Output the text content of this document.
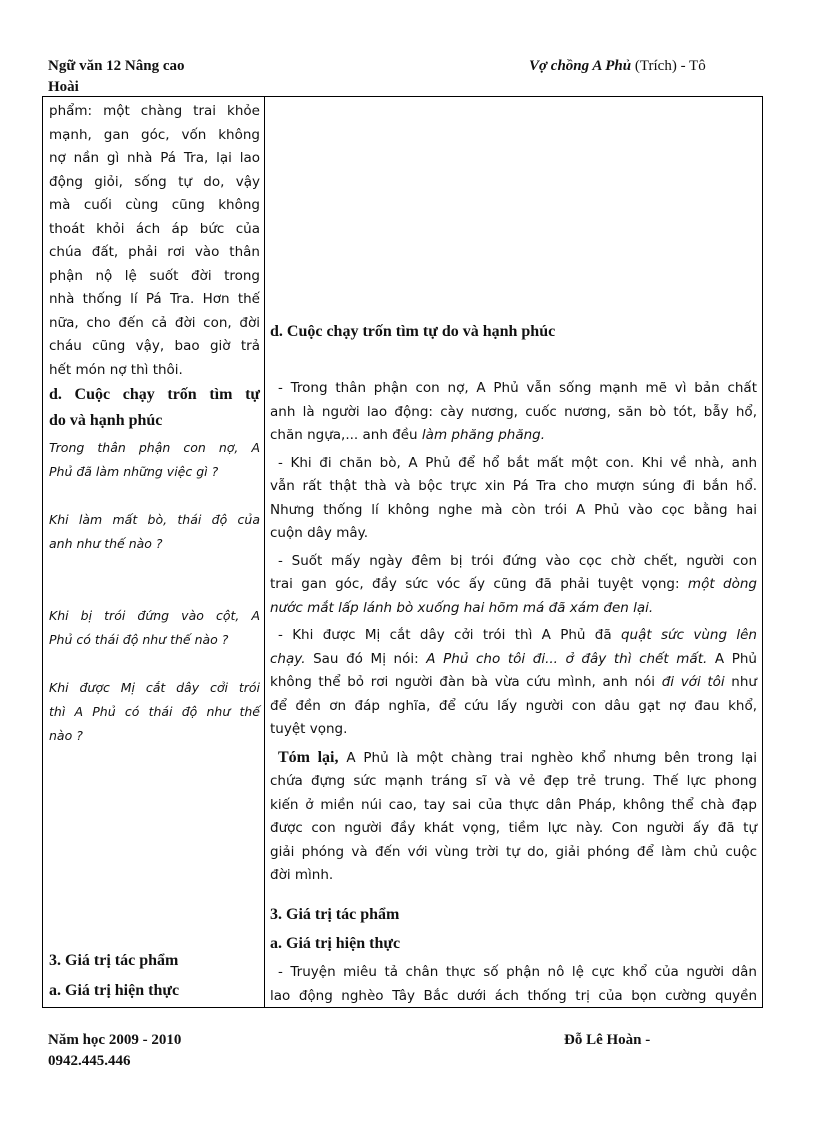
Ngữ văn 12 Nâng cao
Hoài
Vợ chồng A Phủ (Trích) - Tô
phẩm: một chàng trai khỏe
mạnh, gan góc, vốn không
nợ nần gì nhà Pá Tra, lại lao
động giỏi, sống tự do, vậy
mà cuối cùng cũng không
thoát khỏi ách áp bức của
chúa đất, phải rơi vào thân
phận nộ lệ suốt đời trong
nhà thống lí Pá Tra. Hơn thế
nữa, cho đến cả đời con, đời
cháu cũng vậy, bao giờ trả
hết món nợ thì thôi.
d. Cuộc chạy trốn tìm tự
do và hạnh phúc
Trong thân phận con nợ, A
Phủ đã làm những việc gì ?
Khi làm mất bò, thái độ của
anh như thế nào ?
Khi bị trói đứng vào cột, A
Phủ có thái độ như thế nào ?
Khi được Mị cắt dây cởi trói
thì A Phủ có thái độ như thế
nào ?
3. Giá trị tác phẩm
a. Giá trị hiện thực
d. Cuộc chạy trốn tìm tự do và hạnh phúc
- Trong thân phận con nợ, A Phủ vẫn sống mạnh mẽ vì bản chất
anh là người lao động: cày nương, cuốc nương, săn bò tót, bẫy hổ,
chăn ngựa,... anh đều làm phăng phăng.
- Khi đi chăn bò, A Phủ để hổ bắt mất một con. Khi về nhà, anh
vẫn rất thật thà và bộc trực xin Pá Tra cho mượn súng đi bắn hổ.
Nhưng thống lí không nghe mà còn trói A Phủ vào cọc bằng hai
cuộn dây mây.
- Suốt mấy ngày đêm bị trói đứng vào cọc chờ chết, người con
trai gan góc, đầy sức vóc ấy cũng đã phải tuyệt vọng: một dòng
nước mắt lấp lánh bò xuống hai hõm má đã xám đen lại.
- Khi được Mị cắt dây cởi trói thì A Phủ đã quật sức vùng lên
chạy. Sau đó Mị nói: A Phủ cho tôi đi... ở đây thì chết mất. A Phủ
không thể bỏ rơi người đàn bà vừa cứu mình, anh nói đi với tôi như
để đền ơn đáp nghĩa, để cứu lấy người con dâu gạt nợ đau khổ,
tuyệt vọng.
Tóm lại, A Phủ là một chàng trai nghèo khổ nhưng bên trong lại
chứa đựng sức mạnh tráng sĩ và vẻ đẹp trẻ trung. Thế lực phong
kiến ở miền núi cao, tay sai của thực dân Pháp, không thể chà đạp
được con người đầy khát vọng, tiềm lực này. Con người ấy đã tự
giải phóng và đến với vùng trời tự do, giải phóng để làm chủ cuộc
đời mình.
3. Giá trị tác phẩm
a. Giá trị hiện thực
- Truyện miêu tả chân thực số phận nô lệ cực khổ của người dân
lao động nghèo Tây Bắc dưới ách thống trị của bọn cường quyền
Năm học 2009 - 2010
0942.445.446
Đỗ Lê Hoàn -
